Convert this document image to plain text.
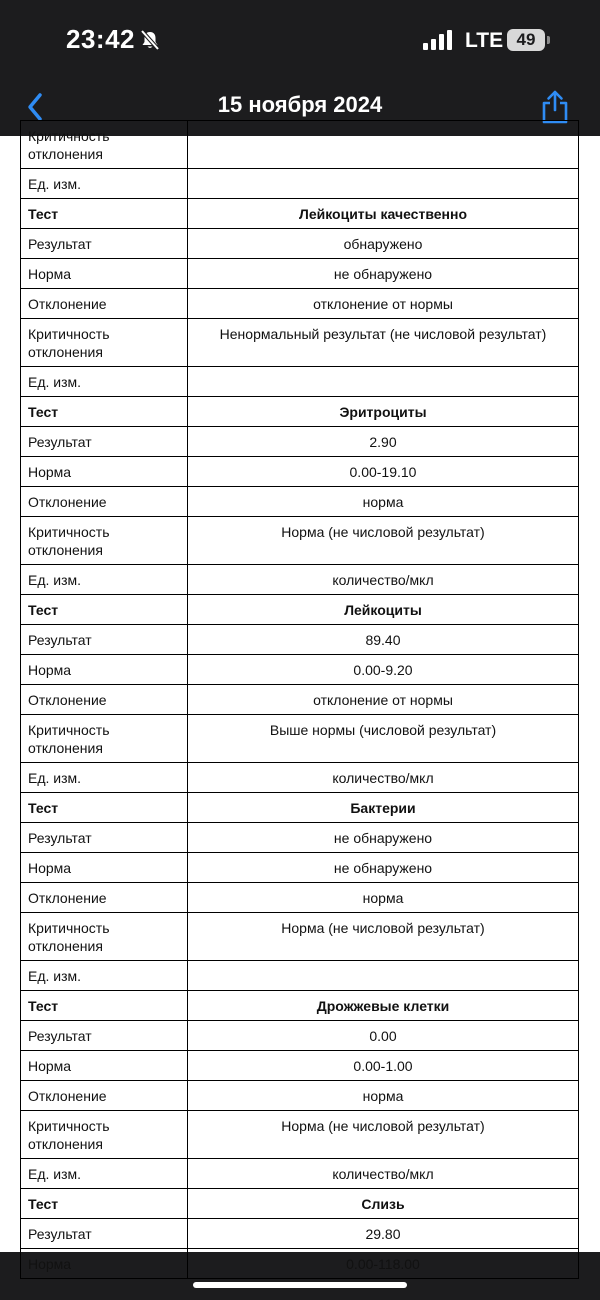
23:42	LTE 49
15 ноября 2024
Критичность отклонения	
Ед. изм.	
Тест	Лейкоциты качественно
Результат	обнаружено
Норма	не обнаружено
Отклонение	отклонение от нормы
Критичность отклонения	Ненормальный результат (не числовой результат)
Ед. изм.	
Тест	Эритроциты
Результат	2.90
Норма	0.00-19.10
Отклонение	норма
Критичность отклонения	Норма (не числовой результат)
Ед. изм.	количество/мкл
Тест	Лейкоциты
Результат	89.40
Норма	0.00-9.20
Отклонение	отклонение от нормы
Критичность отклонения	Выше нормы (числовой результат)
Ед. изм.	количество/мкл
Тест	Бактерии
Результат	не обнаружено
Норма	не обнаружено
Отклонение	норма
Критичность отклонения	Норма (не числовой результат)
Ед. изм.	
Тест	Дрожжевые клетки
Результат	0.00
Норма	0.00-1.00
Отклонение	норма
Критичность отклонения	Норма (не числовой результат)
Ед. изм.	количество/мкл
Тест	Слизь
Результат	29.80
Норма	0.00-118.00
